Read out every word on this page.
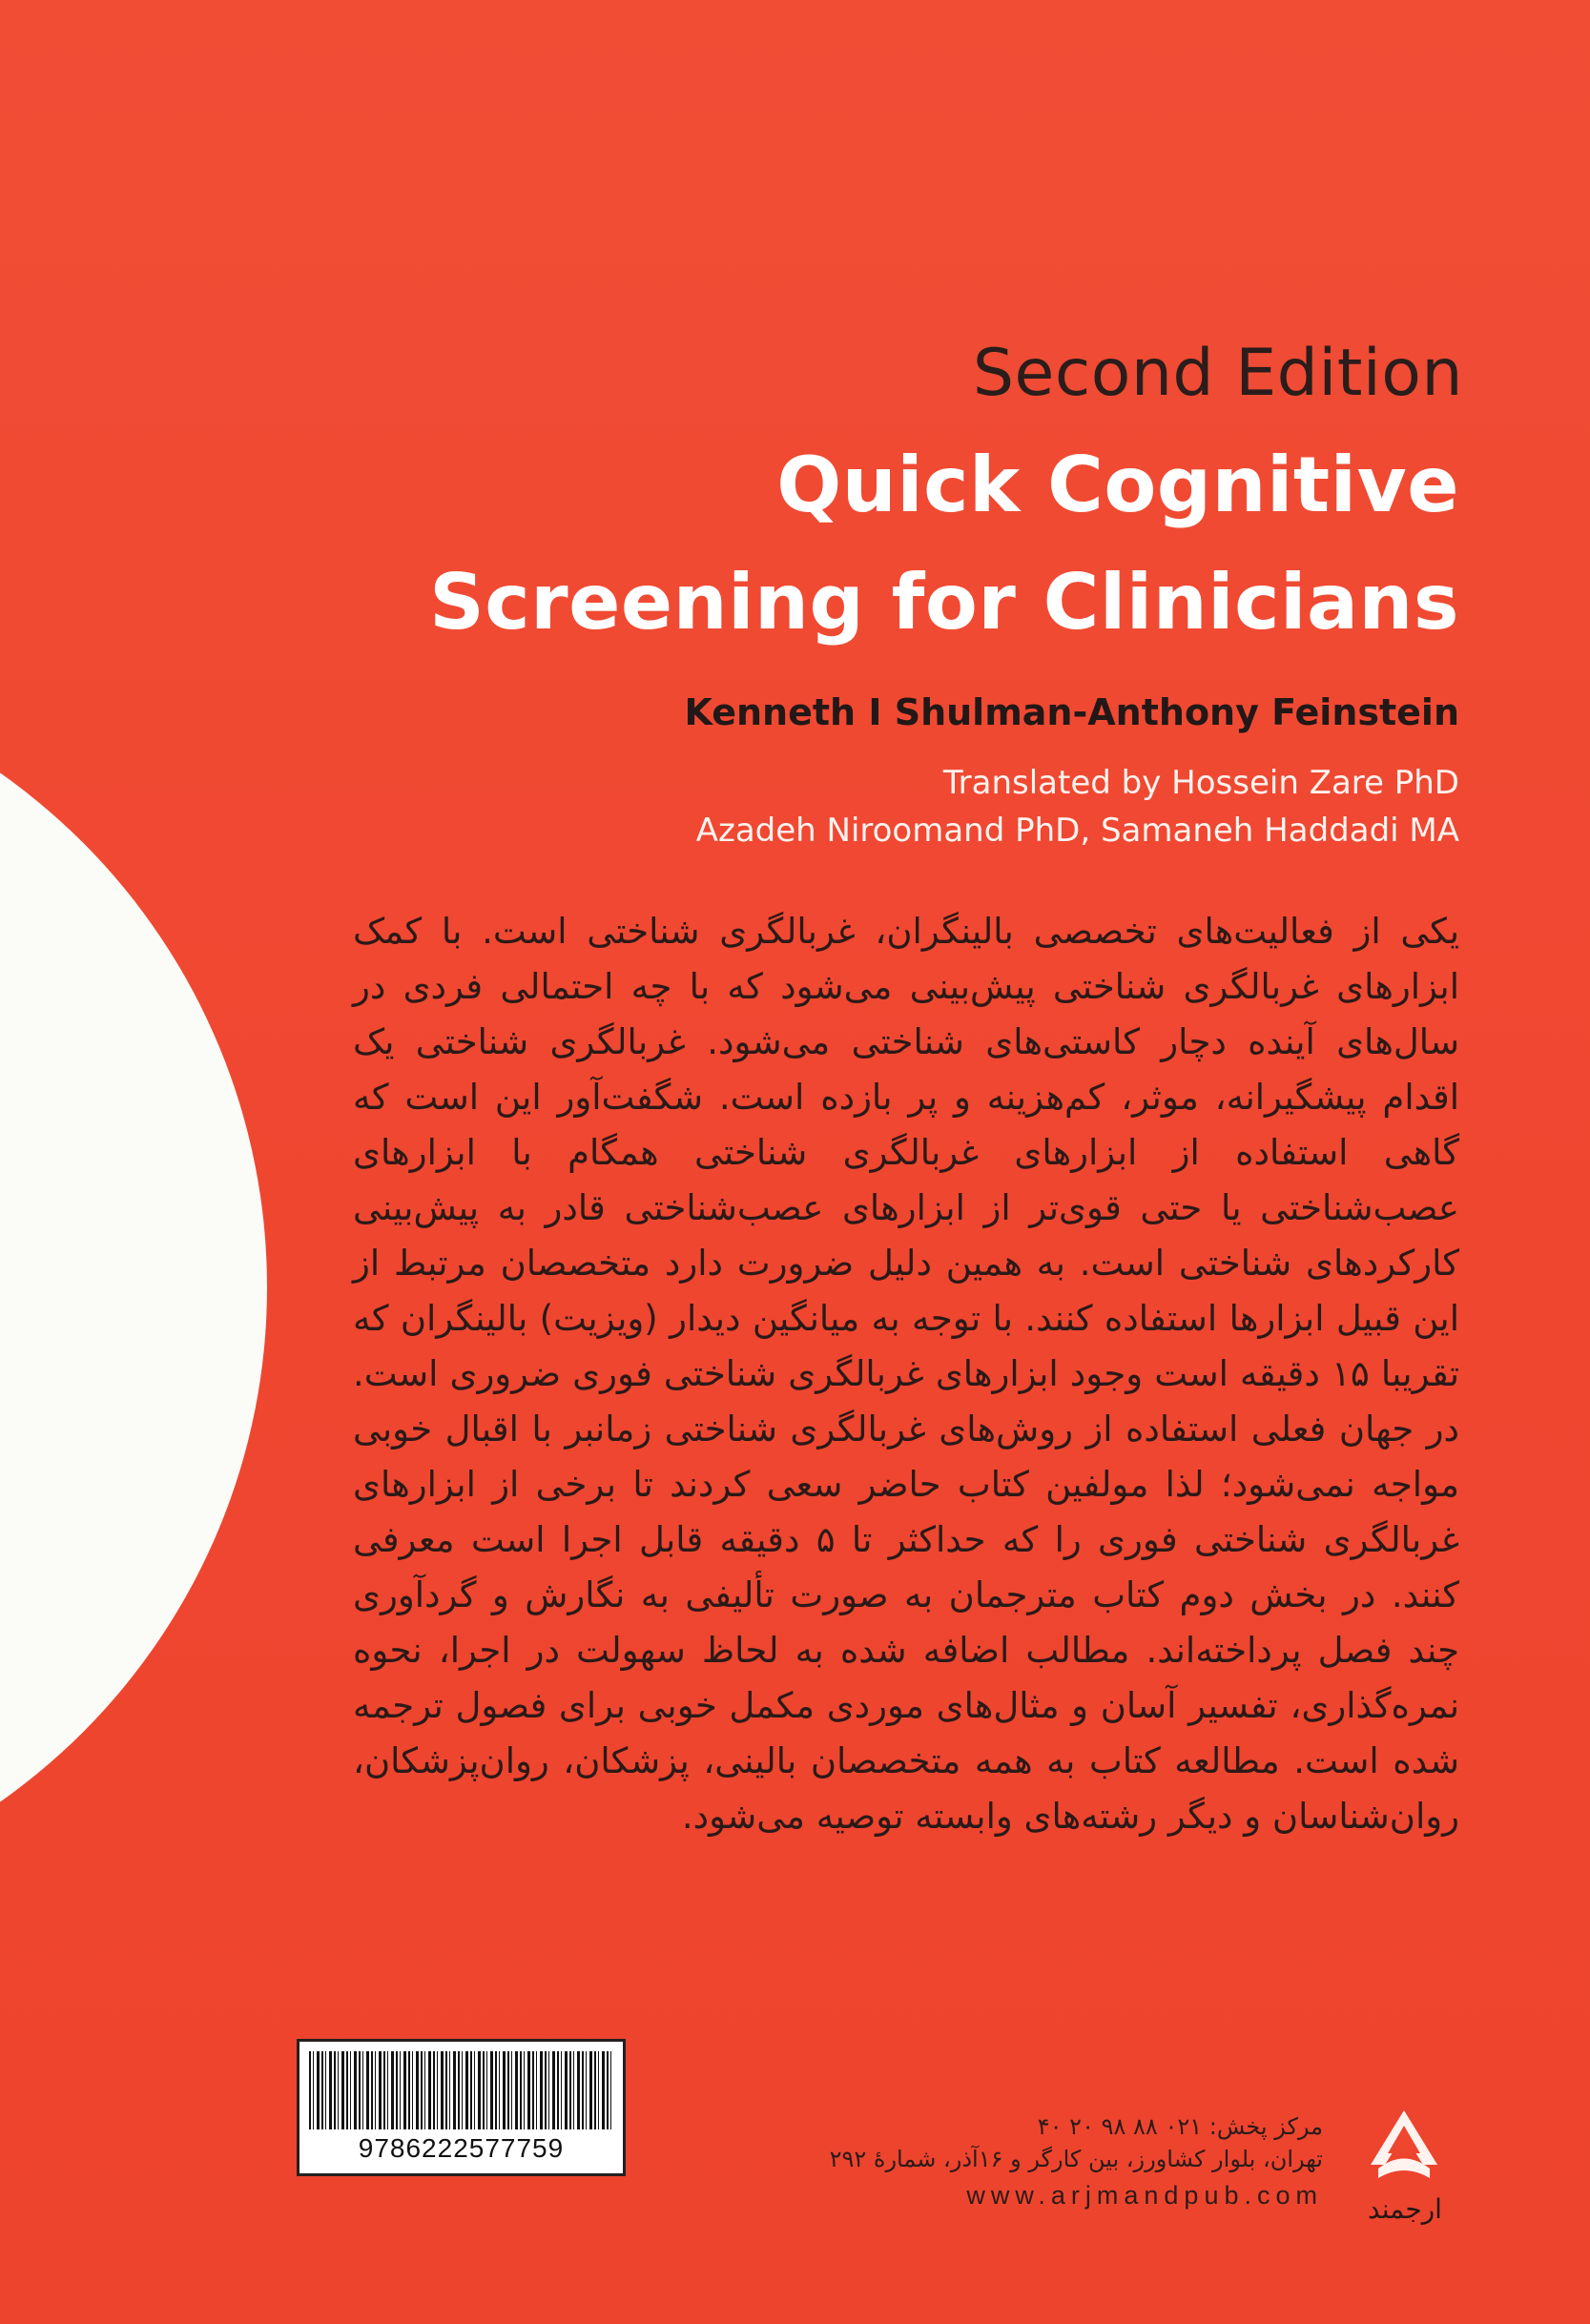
Second Edition
Quick Cognitive
Screening for Clinicians
Kenneth I Shulman-Anthony Feinstein
Translated by Hossein Zare PhD
Azadeh Niroomand PhD, Samaneh Haddadi MA
یکی از فعالیت‌های تخصصی بالینگران، غربالگری شناختی است. با کمک ابزارهای غربالگری شناختی پیش‌بینی می‌شود که با چه احتمالی فردی در سال‌های آینده دچار کاستی‌های شناختی می‌شود. غربالگری شناختی یک اقدام پیشگیرانه، موثر، کم‌هزینه و پر بازده است. شگفت‌آور این است که گاهی استفاده از ابزارهای غربالگری شناختی همگام با ابزارهای عصب‌شناختی یا حتی قوی‌تر از ابزارهای عصب‌شناختی قادر به پیش‌بینی کارکردهای شناختی است. به همین دلیل ضرورت دارد متخصصان مرتبط از این قبیل ابزارها استفاده کنند. با توجه به میانگین دیدار (ویزیت) بالینگران که تقریبا ۱۵ دقیقه است وجود ابزارهای غربالگری شناختی فوری ضروری است. در جهان فعلی استفاده از روش‌های غربالگری شناختی زمانبر با اقبال خوبی مواجه نمی‌شود؛ لذا مولفین کتاب حاضر سعی کردند تا برخی از ابزارهای غربالگری شناختی فوری را که حداکثر تا ۵ دقیقه قابل اجرا است معرفی کنند. در بخش دوم کتاب مترجمان به صورت تألیفی به نگارش و گردآوری چند فصل پرداخته‌اند. مطالب اضافه شده به لحاظ سهولت در اجرا، نحوه نمره‌گذاری، تفسیر آسان و مثال‌های موردی مکمل خوبی برای فصول ترجمه شده است. مطالعه کتاب به همه متخصصان بالینی، پزشکان، روان‌پزشکان، روان‌شناسان و دیگر رشته‌های وابسته توصیه می‌شود.
9786222577759
مرکز پخش: ۰۲۱ ۸۸ ۹۸ ۲۰ ۴۰
تهران، بلوار کشاورز، بین کارگر و ۱۶آذر، شمارهٔ ۲۹۲
www.arjmandpub.com	ارجمند
